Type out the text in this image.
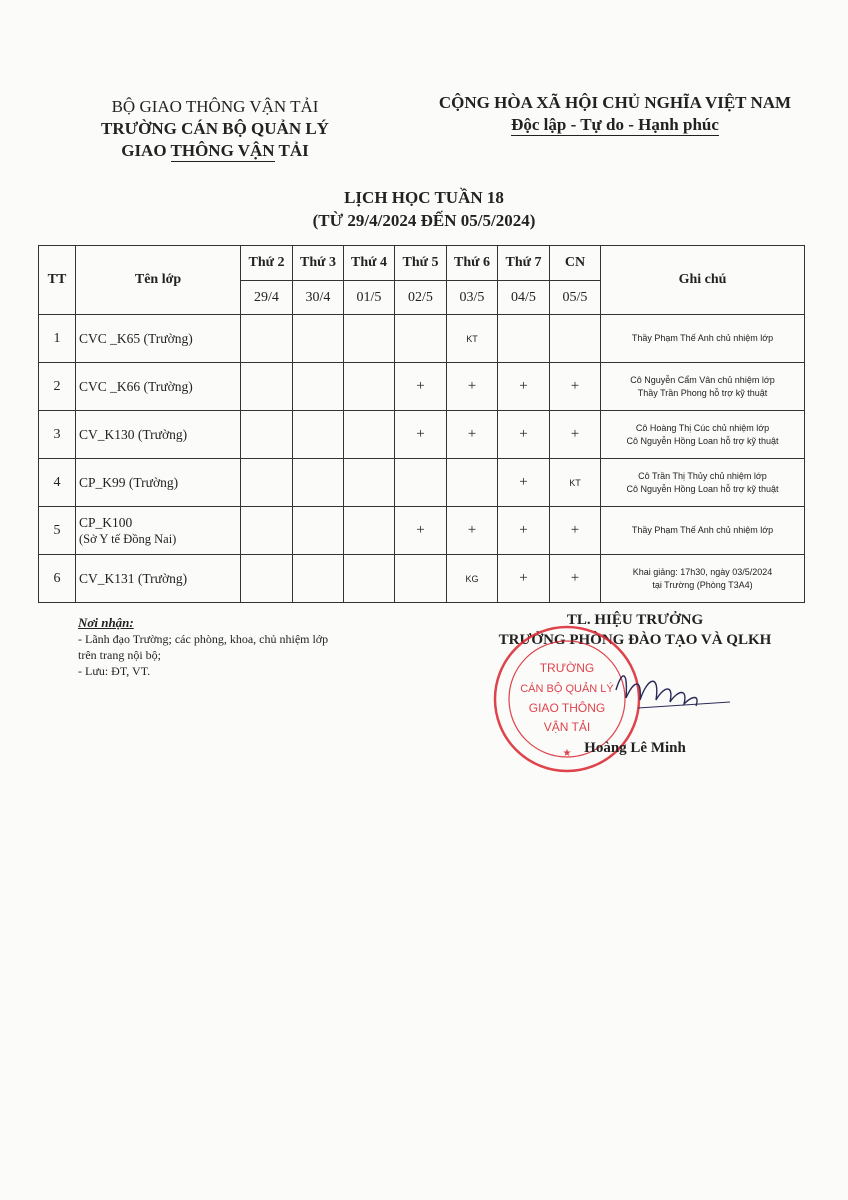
BỘ GIAO THÔNG VẬN TẢI
TRƯỜNG CÁN BỘ QUẢN LÝ
GIAO THÔNG VẬN TẢI
CỘNG HÒA XÃ HỘI CHỦ NGHĨA VIỆT NAM
Độc lập - Tự do - Hạnh phúc
LỊCH HỌC TUẦN 18
(TỪ 29/4/2024 ĐẾN 05/5/2024)
TT	Tên lớp	Thứ 2	Thứ 3	Thứ 4	Thứ 5	Thứ 6	Thứ 7	CN	Ghi chú
		29/4	30/4	01/5	02/5	03/5	04/5	05/5	
1	CVC _K65 (Trường)					KT			Thầy Phạm Thế Anh chủ nhiệm lớp

2	CVC _K66 (Trường)				+	+	+	+	Cô Nguyễn Cẩm Vân chủ nhiệm lớp
Thầy Trần Phong hỗ trợ kỹ thuật

3	CV_K130 (Trường)				+	+	+	+	Cô Hoàng Thị Cúc chủ nhiệm lớp
Cô Nguyễn Hồng Loan hỗ trợ kỹ thuật

4	CP_K99 (Trường)						+	KT	Cô Trần Thị Thủy chủ nhiệm lớp
Cô Nguyễn Hồng Loan hỗ trợ kỹ thuật

5	CP_K100
(Sở Y tế Đồng Nai)				+	+	+	+	Thầy Phạm Thế Anh chủ nhiệm lớp

6	CV_K131 (Trường)					KG	+	+	Khai giảng: 17h30, ngày 03/5/2024
tại Trường (Phòng T3A4)
Nơi nhận:
- Lãnh đạo Trường; các phòng, khoa, chủ nhiệm lớp
trên trang nội bộ;
- Lưu: ĐT, VT.
TL. HIỆU TRƯỞNG
TRƯỞNG PHÒNG ĐÀO TẠO VÀ QLKH
TRƯỜNG
CÁN BỘ QUẢN LÝ
GIAO THÔNG
VẬN TẢI
★ Hoàng Lê Minh
